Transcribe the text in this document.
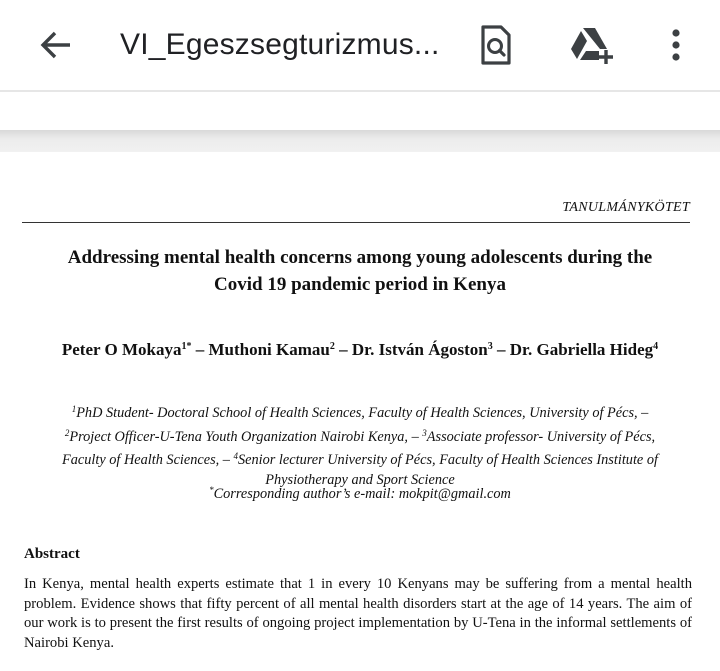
VI_Egeszsegturizmus...
TANULMÁNYKÖTET
Addressing mental health concerns among young adolescents during the
Covid 19 pandemic period in Kenya
Peter O Mokaya$^{1*}$ – Muthoni Kamau$^2$ – Dr. István Ágoston$^3$ – Dr. Gabriella Hideg$^4$
$^1$PhD Student- Doctoral School of Health Sciences, Faculty of Health Sciences, University of Pécs, –
$^2$Project Officer-U-Tena Youth Organization Nairobi Kenya, – $^3$Associate professor- University of Pécs,
Faculty of Health Sciences, – $^4$Senior lecturer University of Pécs, Faculty of Health Sciences Institute of
Physiotherapy and Sport Science
*Corresponding author’s e-mail: mokpit@gmail.com
Abstract
In Kenya, mental health experts estimate that 1 in every 10 Kenyans may be suffering from a mental health problem. Evidence shows that fifty percent of all mental health disorders start at the age of 14 years. The aim of our work is to present the first results of ongoing project implementation by U-Tena in the informal settlements of Nairobi Kenya.
